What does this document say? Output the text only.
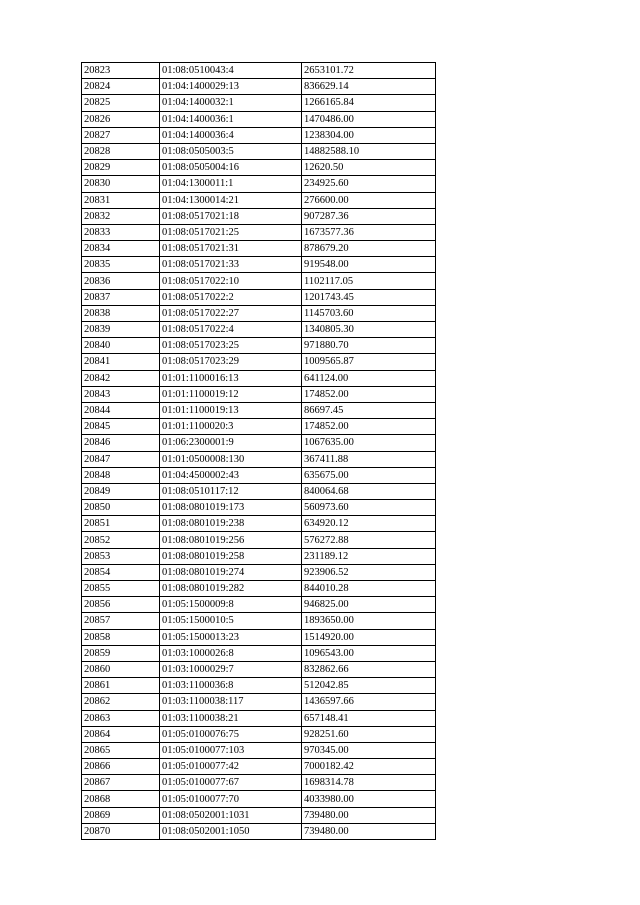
20823	01:08:0510043:4	2653101.72
20824	01:04:1400029:13	836629.14
20825	01:04:1400032:1	1266165.84
20826	01:04:1400036:1	1470486.00
20827	01:04:1400036:4	1238304.00
20828	01:08:0505003:5	14882588.10
20829	01:08:0505004:16	12620.50
20830	01:04:1300011:1	234925.60
20831	01:04:1300014:21	276600.00
20832	01:08:0517021:18	907287.36
20833	01:08:0517021:25	1673577.36
20834	01:08:0517021:31	878679.20
20835	01:08:0517021:33	919548.00
20836	01:08:0517022:10	1102117.05
20837	01:08:0517022:2	1201743.45
20838	01:08:0517022:27	1145703.60
20839	01:08:0517022:4	1340805.30
20840	01:08:0517023:25	971880.70
20841	01:08:0517023:29	1009565.87
20842	01:01:1100016:13	641124.00
20843	01:01:1100019:12	174852.00
20844	01:01:1100019:13	86697.45
20845	01:01:1100020:3	174852.00
20846	01:06:2300001:9	1067635.00
20847	01:01:0500008:130	367411.88
20848	01:04:4500002:43	635675.00
20849	01:08:0510117:12	840064.68
20850	01:08:0801019:173	560973.60
20851	01:08:0801019:238	634920.12
20852	01:08:0801019:256	576272.88
20853	01:08:0801019:258	231189.12
20854	01:08:0801019:274	923906.52
20855	01:08:0801019:282	844010.28
20856	01:05:1500009:8	946825.00
20857	01:05:1500010:5	1893650.00
20858	01:05:1500013:23	1514920.00
20859	01:03:1000026:8	1096543.00
20860	01:03:1000029:7	832862.66
20861	01:03:1100036:8	512042.85
20862	01:03:1100038:117	1436597.66
20863	01:03:1100038:21	657148.41
20864	01:05:0100076:75	928251.60
20865	01:05:0100077:103	970345.00
20866	01:05:0100077:42	7000182.42
20867	01:05:0100077:67	1698314.78
20868	01:05:0100077:70	4033980.00
20869	01:08:0502001:1031	739480.00
20870	01:08:0502001:1050	739480.00
